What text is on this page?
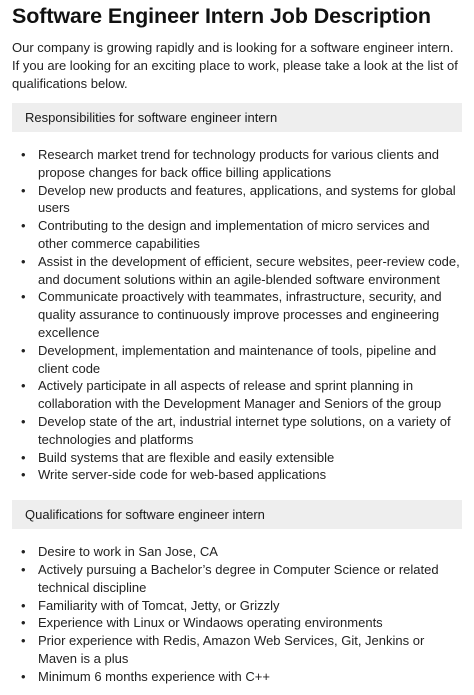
Software Engineer Intern Job Description

Our company is growing rapidly and is looking for a software engineer intern. If you are looking for an exciting place to work, please take a look at the list of qualifications below.

Responsibilities for software engineer intern
• Research market trend for technology products for various clients and propose changes for back office billing applications
• Develop new products and features, applications, and systems for global users
• Contributing to the design and implementation of micro services and other commerce capabilities
• Assist in the development of efficient, secure websites, peer-review code, and document solutions within an agile-blended software environment
• Communicate proactively with teammates, infrastructure, security, and quality assurance to continuously improve processes and engineering excellence
• Development, implementation and maintenance of tools, pipeline and client code
• Actively participate in all aspects of release and sprint planning in collaboration with the Development Manager and Seniors of the group
• Develop state of the art, industrial internet type solutions, on a variety of technologies and platforms
• Build systems that are flexible and easily extensible
• Write server-side code for web-based applications
Qualifications for software engineer intern
• Desire to work in San Jose, CA
• Actively pursuing a Bachelor’s degree in Computer Science or related technical discipline
• Familiarity with of Tomcat, Jetty, or Grizzly
• Experience with Linux or Windaows operating environments
• Prior experience with Redis, Amazon Web Services, Git, Jenkins or Maven is a plus
• Minimum 6 months experience with C++
